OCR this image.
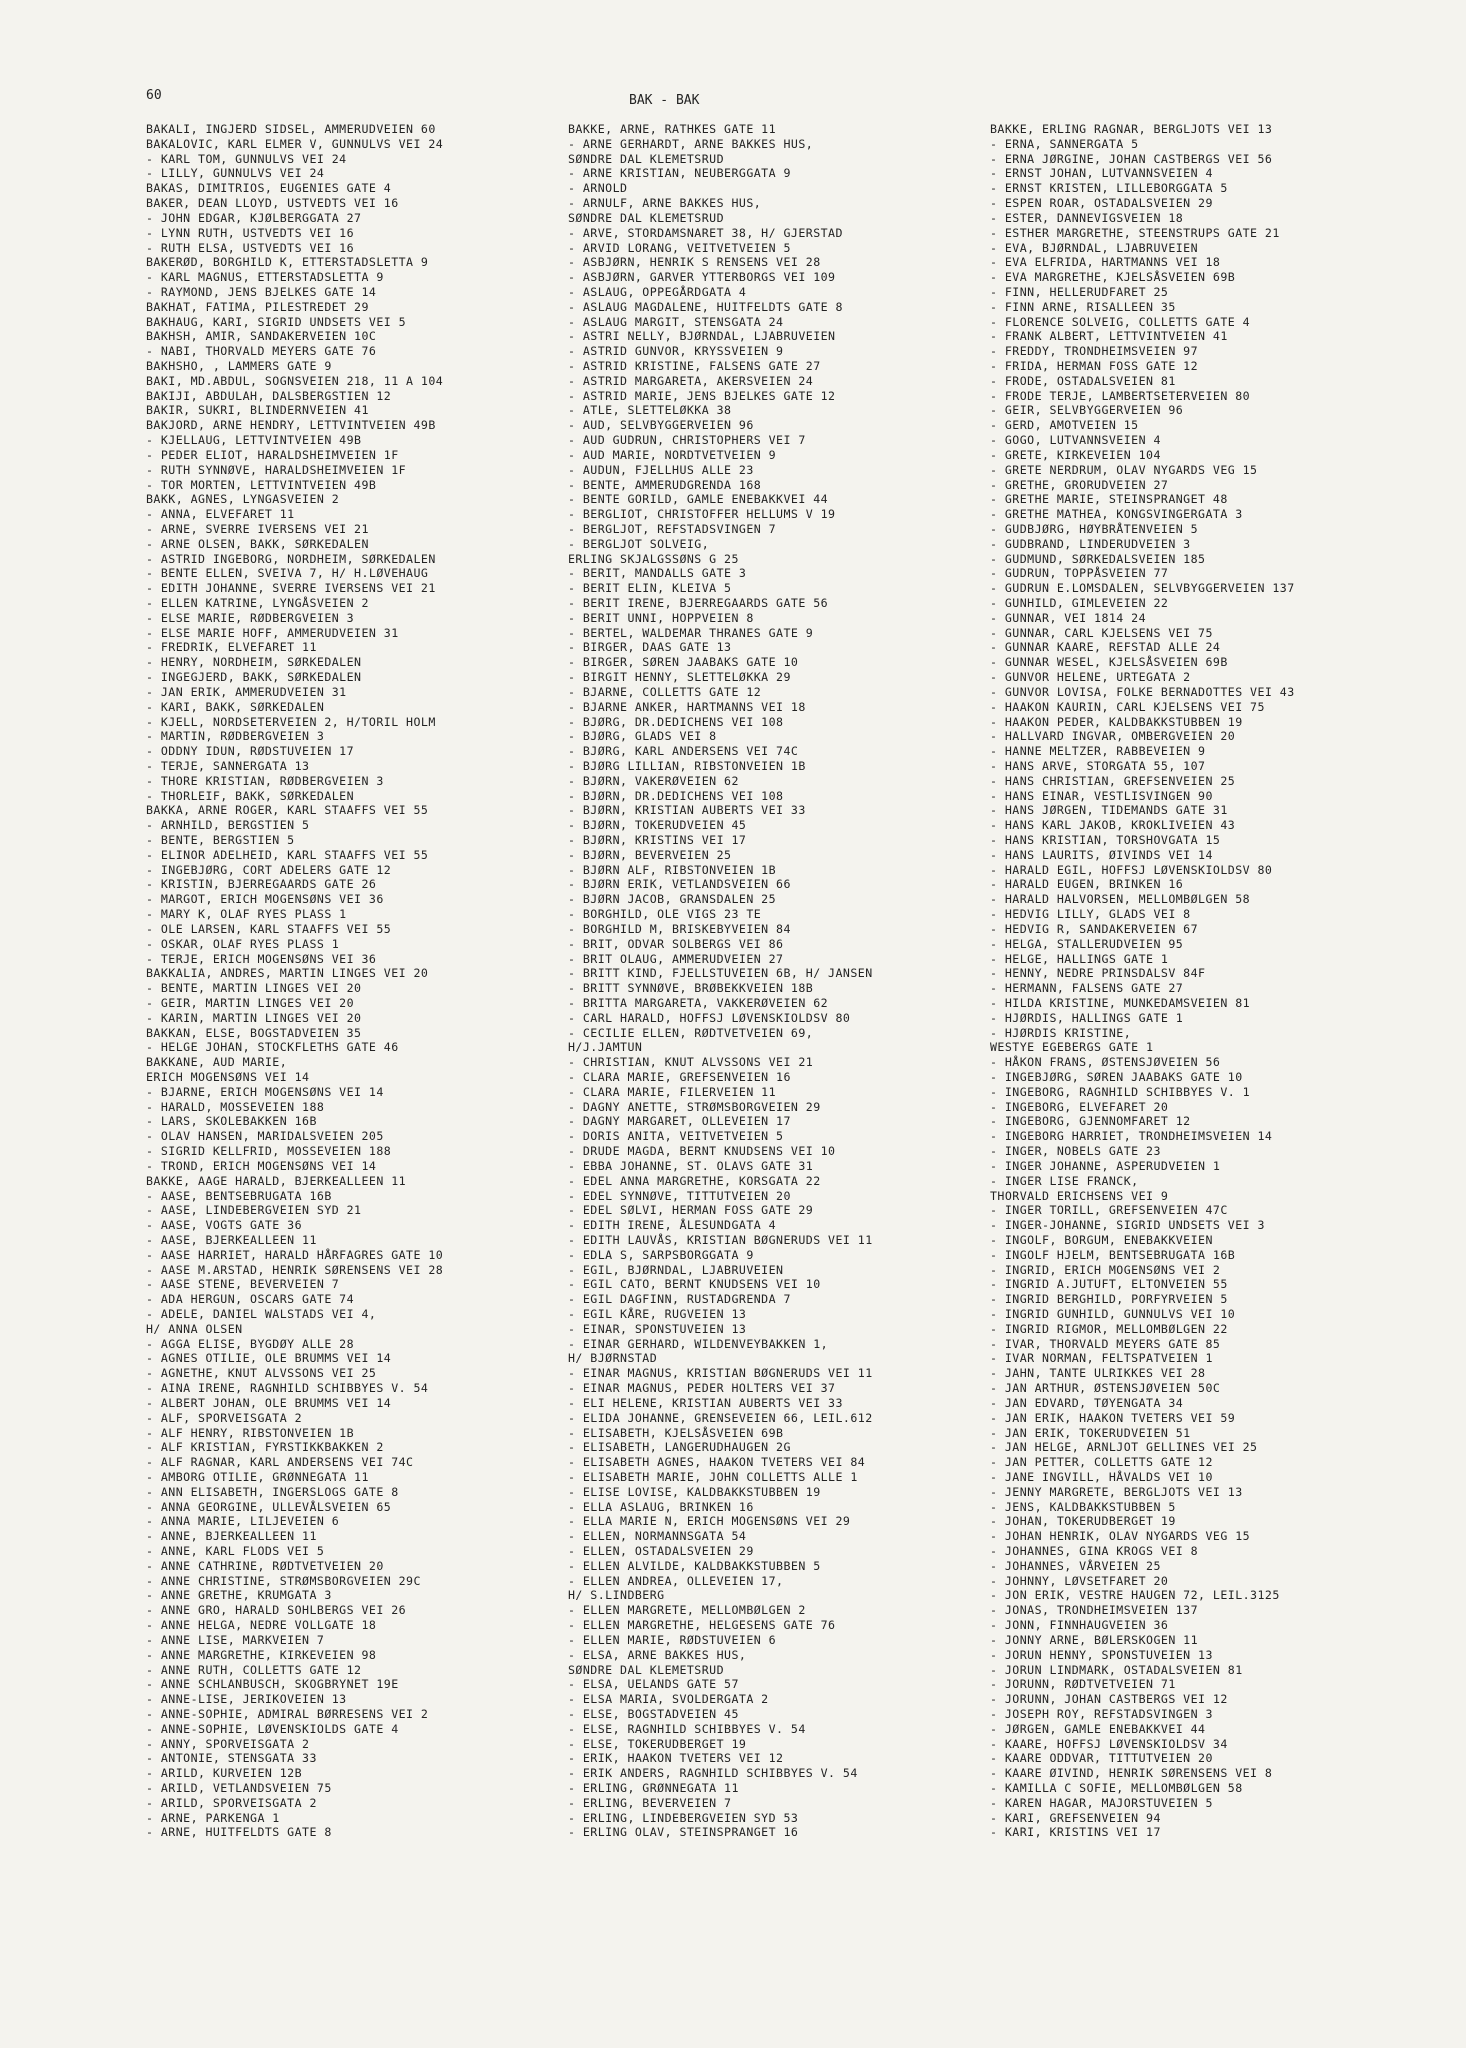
60	BAK - BAK
BAKALI, INGJERD SIDSEL, AMMERUDVEIEN 60
BAKALOVIC, KARL ELMER V, GUNNULVS VEI 24
- KARL TOM, GUNNULVS VEI 24
- LILLY, GUNNULVS VEI 24
BAKAS, DIMITRIOS, EUGENIES GATE 4
BAKER, DEAN LLOYD, USTVEDTS VEI 16
- JOHN EDGAR, KJØLBERGGATA 27
- LYNN RUTH, USTVEDTS VEI 16
- RUTH ELSA, USTVEDTS VEI 16
BAKERØD, BORGHILD K, ETTERSTADSLETTA 9
- KARL MAGNUS, ETTERSTADSLETTA 9
- RAYMOND, JENS BJELKES GATE 14
BAKHAT, FATIMA, PILESTREDET 29
BAKHAUG, KARI, SIGRID UNDSETS VEI 5
BAKHSH, AMIR, SANDAKERVEIEN 10C
- NABI, THORVALD MEYERS GATE 76
BAKHSHO, , LAMMERS GATE 9
BAKI, MD.ABDUL, SOGNSVEIEN 218, 11 A 104
BAKIJI, ABDULAH, DALSBERGSTIEN 12
BAKIR, SUKRI, BLINDERNVEIEN 41
BAKJORD, ARNE HENDRY, LETTVINTVEIEN 49B
- KJELLAUG, LETTVINTVEIEN 49B
- PEDER ELIOT, HARALDSHEIMVEIEN 1F
- RUTH SYNNØVE, HARALDSHEIMVEIEN 1F
- TOR MORTEN, LETTVINTVEIEN 49B
BAKK, AGNES, LYNGASVEIEN 2
- ANNA, ELVEFARET 11
- ARNE, SVERRE IVERSENS VEI 21
- ARNE OLSEN, BAKK, SØRKEDALEN
- ASTRID INGEBORG, NORDHEIM, SØRKEDALEN
- BENTE ELLEN, SVEIVA 7, H/ H.LØVEHAUG
- EDITH JOHANNE, SVERRE IVERSENS VEI 21
- ELLEN KATRINE, LYNGÅSVEIEN 2
- ELSE MARIE, RØDBERGVEIEN 3
- ELSE MARIE HOFF, AMMERUDVEIEN 31
- FREDRIK, ELVEFARET 11
- HENRY, NORDHEIM, SØRKEDALEN
- INGEGJERD, BAKK, SØRKEDALEN
- JAN ERIK, AMMERUDVEIEN 31
- KARI, BAKK, SØRKEDALEN
- KJELL, NORDSETERVEIEN 2, H/TORIL HOLM
- MARTIN, RØDBERGVEIEN 3
- ODDNY IDUN, RØDSTUVEIEN 17
- TERJE, SANNERGATA 13
- THORE KRISTIAN, RØDBERGVEIEN 3
- THORLEIF, BAKK, SØRKEDALEN
BAKKA, ARNE ROGER, KARL STAAFFS VEI 55
- ARNHILD, BERGSTIEN 5
- BENTE, BERGSTIEN 5
- ELINOR ADELHEID, KARL STAAFFS VEI 55
- INGEBJØRG, CORT ADELERS GATE 12
- KRISTIN, BJERREGAARDS GATE 26
- MARGOT, ERICH MOGENSØNS VEI 36
- MARY K, OLAF RYES PLASS 1
- OLE LARSEN, KARL STAAFFS VEI 55
- OSKAR, OLAF RYES PLASS 1
- TERJE, ERICH MOGENSØNS VEI 36
BAKKALIA, ANDRES, MARTIN LINGES VEI 20
- BENTE, MARTIN LINGES VEI 20
- GEIR, MARTIN LINGES VEI 20
- KARIN, MARTIN LINGES VEI 20
BAKKAN, ELSE, BOGSTADVEIEN 35
- HELGE JOHAN, STOCKFLETHS GATE 46
BAKKANE, AUD MARIE,
ERICH MOGENSØNS VEI 14
- BJARNE, ERICH MOGENSØNS VEI 14
- HARALD, MOSSEVEIEN 188
- LARS, SKOLEBAKKEN 16B
- OLAV HANSEN, MARIDALSVEIEN 205
- SIGRID KELLFRID, MOSSEVEIEN 188
- TROND, ERICH MOGENSØNS VEI 14
BAKKE, AAGE HARALD, BJERKEALLEEN 11
- AASE, BENTSEBRUGATA 16B
- AASE, LINDEBERGVEIEN SYD 21
- AASE, VOGTS GATE 36
- AASE, BJERKEALLEEN 11
- AASE HARRIET, HARALD HÅRFAGRES GATE 10
- AASE M.ARSTAD, HENRIK SØRENSENS VEI 28
- AASE STENE, BEVERVEIEN 7
- ADA HERGUN, OSCARS GATE 74
- ADELE, DANIEL WALSTADS VEI 4,
H/ ANNA OLSEN
- AGGA ELISE, BYGDØY ALLE 28
- AGNES OTILIE, OLE BRUMMS VEI 14
- AGNETHE, KNUT ALVSSONS VEI 25
- AINA IRENE, RAGNHILD SCHIBBYES V. 54
- ALBERT JOHAN, OLE BRUMMS VEI 14
- ALF, SPORVEISGATA 2
- ALF HENRY, RIBSTONVEIEN 1B
- ALF KRISTIAN, FYRSTIKKBAKKEN 2
- ALF RAGNAR, KARL ANDERSENS VEI 74C
- AMBORG OTILIE, GRØNNEGATA 11
- ANN ELISABETH, INGERSLOGS GATE 8
- ANNA GEORGINE, ULLEVÅLSVEIEN 65
- ANNA MARIE, LILJEVEIEN 6
- ANNE, BJERKEALLEEN 11
- ANNE, KARL FLODS VEI 5
- ANNE CATHRINE, RØDTVETVEIEN 20
- ANNE CHRISTINE, STRØMSBORGVEIEN 29C
- ANNE GRETHE, KRUMGATA 3
- ANNE GRO, HARALD SOHLBERGS VEI 26
- ANNE HELGA, NEDRE VOLLGATE 18
- ANNE LISE, MARKVEIEN 7
- ANNE MARGRETHE, KIRKEVEIEN 98
- ANNE RUTH, COLLETTS GATE 12
- ANNE SCHLANBUSCH, SKOGBRYNET 19E
- ANNE-LISE, JERIKOVEIEN 13
- ANNE-SOPHIE, ADMIRAL BØRRESENS VEI 2
- ANNE-SOPHIE, LØVENSKIOLDS GATE 4
- ANNY, SPORVEISGATA 2
- ANTONIE, STENSGATA 33
- ARILD, KURVEIEN 12B
- ARILD, VETLANDSVEIEN 75
- ARILD, SPORVEISGATA 2
- ARNE, PARKENGA 1
- ARNE, HUITFELDTS GATE 8
BAKKE, ARNE, RATHKES GATE 11
- ARNE GERHARDT, ARNE BAKKES HUS,
SØNDRE DAL KLEMETSRUD
- ARNE KRISTIAN, NEUBERGGATA 9
- ARNOLD
- ARNULF, ARNE BAKKES HUS,
SØNDRE DAL KLEMETSRUD
- ARVE, STORDAMSNARET 38, H/ GJERSTAD
- ARVID LORANG, VEITVETVEIEN 5
- ASBJØRN, HENRIK S RENSENS VEI 28
- ASBJØRN, GARVER YTTERBORGS VEI 109
- ASLAUG, OPPEGÅRDGATA 4
- ASLAUG MAGDALENE, HUITFELDTS GATE 8
- ASLAUG MARGIT, STENSGATA 24
- ASTRI NELLY, BJØRNDAL, LJABRUVEIEN
- ASTRID GUNVOR, KRYSSVEIEN 9
- ASTRID KRISTINE, FALSENS GATE 27
- ASTRID MARGARETA, AKERSVEIEN 24
- ASTRID MARIE, JENS BJELKES GATE 12
- ATLE, SLETTELØKKA 38
- AUD, SELVBYGGERVEIEN 96
- AUD GUDRUN, CHRISTOPHERS VEI 7
- AUD MARIE, NORDTVETVEIEN 9
- AUDUN, FJELLHUS ALLE 23
- BENTE, AMMERUDGRENDA 168
- BENTE GORILD, GAMLE ENEBAKKVEI 44
- BERGLIOT, CHRISTOFFER HELLUMS V 19
- BERGLJOT, REFSTADSVINGEN 7
- BERGLJOT SOLVEIG,
ERLING SKJALGSSØNS G 25
- BERIT, MANDALLS GATE 3
- BERIT ELIN, KLEIVA 5
- BERIT IRENE, BJERREGAARDS GATE 56
- BERIT UNNI, HOPPVEIEN 8
- BERTEL, WALDEMAR THRANES GATE 9
- BIRGER, DAAS GATE 13
- BIRGER, SØREN JAABAKS GATE 10
- BIRGIT HENNY, SLETTELØKKA 29
- BJARNE, COLLETTS GATE 12
- BJARNE ANKER, HARTMANNS VEI 18
- BJØRG, DR.DEDICHENS VEI 108
- BJØRG, GLADS VEI 8
- BJØRG, KARL ANDERSENS VEI 74C
- BJØRG LILLIAN, RIBSTONVEIEN 1B
- BJØRN, VAKERØVEIEN 62
- BJØRN, DR.DEDICHENS VEI 108
- BJØRN, KRISTIAN AUBERTS VEI 33
- BJØRN, TOKERUDVEIEN 45
- BJØRN, KRISTINS VEI 17
- BJØRN, BEVERVEIEN 25
- BJØRN ALF, RIBSTONVEIEN 1B
- BJØRN ERIK, VETLANDSVEIEN 66
- BJØRN JACOB, GRANSDALEN 25
- BORGHILD, OLE VIGS 23 TE
- BORGHILD M, BRISKEBYVEIEN 84
- BRIT, ODVAR SOLBERGS VEI 86
- BRIT OLAUG, AMMERUDVEIEN 27
- BRITT KIND, FJELLSTUVEIEN 6B, H/ JANSEN
- BRITT SYNNØVE, BRØBEKKVEIEN 18B
- BRITTA MARGARETA, VAKKERØVEIEN 62
- CARL HARALD, HOFFSJ LØVENSKIOLDSV 80
- CECILIE ELLEN, RØDTVETVEIEN 69,
H/J.JAMTUN
- CHRISTIAN, KNUT ALVSSONS VEI 21
- CLARA MARIE, GREFSENVEIEN 16
- CLARA MARIE, FILERVEIEN 11
- DAGNY ANETTE, STRØMSBORGVEIEN 29
- DAGNY MARGARET, OLLEVEIEN 17
- DORIS ANITA, VEITVETVEIEN 5
- DRUDE MAGDA, BERNT KNUDSENS VEI 10
- EBBA JOHANNE, ST. OLAVS GATE 31
- EDEL ANNA MARGRETHE, KORSGATA 22
- EDEL SYNNØVE, TITTUTVEIEN 20
- EDEL SØLVI, HERMAN FOSS GATE 29
- EDITH IRENE, ÅLESUNDGATA 4
- EDITH LAUVÅS, KRISTIAN BØGNERUDS VEI 11
- EDLA S, SARPSBORGGATA 9
- EGIL, BJØRNDAL, LJABRUVEIEN
- EGIL CATO, BERNT KNUDSENS VEI 10
- EGIL DAGFINN, RUSTADGRENDA 7
- EGIL KÅRE, RUGVEIEN 13
- EINAR, SPONSTUVEIEN 13
- EINAR GERHARD, WILDENVEYBAKKEN 1,
H/ BJØRNSTAD
- EINAR MAGNUS, KRISTIAN BØGNERUDS VEI 11
- EINAR MAGNUS, PEDER HOLTERS VEI 37
- ELI HELENE, KRISTIAN AUBERTS VEI 33
- ELIDA JOHANNE, GRENSEVEIEN 66, LEIL.612
- ELISABETH, KJELSÅSVEIEN 69B
- ELISABETH, LANGERUDHAUGEN 2G
- ELISABETH AGNES, HAAKON TVETERS VEI 84
- ELISABETH MARIE, JOHN COLLETTS ALLE 1
- ELISE LOVISE, KALDBAKKSTUBBEN 19
- ELLA ASLAUG, BRINKEN 16
- ELLA MARIE N, ERICH MOGENSØNS VEI 29
- ELLEN, NORMANNSGATA 54
- ELLEN, OSTADALSVEIEN 29
- ELLEN ALVILDE, KALDBAKKSTUBBEN 5
- ELLEN ANDREA, OLLEVEIEN 17,
H/ S.LINDBERG
- ELLEN MARGRETE, MELLOMBØLGEN 2
- ELLEN MARGRETHE, HELGESENS GATE 76
- ELLEN MARIE, RØDSTUVEIEN 6
- ELSA, ARNE BAKKES HUS,
SØNDRE DAL KLEMETSRUD
- ELSA, UELANDS GATE 57
- ELSA MARIA, SVOLDERGATA 2
- ELSE, BOGSTADVEIEN 45
- ELSE, RAGNHILD SCHIBBYES V. 54
- ELSE, TOKERUDBERGET 19
- ERIK, HAAKON TVETERS VEI 12
- ERIK ANDERS, RAGNHILD SCHIBBYES V. 54
- ERLING, GRØNNEGATA 11
- ERLING, BEVERVEIEN 7
- ERLING, LINDEBERGVEIEN SYD 53
- ERLING OLAV, STEINSPRANGET 16
BAKKE, ERLING RAGNAR, BERGLJOTS VEI 13
- ERNA, SANNERGATA 5
- ERNA JØRGINE, JOHAN CASTBERGS VEI 56
- ERNST JOHAN, LUTVANNSVEIEN 4
- ERNST KRISTEN, LILLEBORGGATA 5
- ESPEN ROAR, OSTADALSVEIEN 29
- ESTER, DANNEVIGSVEIEN 18
- ESTHER MARGRETHE, STEENSTRUPS GATE 21
- EVA, BJØRNDAL, LJABRUVEIEN
- EVA ELFRIDA, HARTMANNS VEI 18
- EVA MARGRETHE, KJELSÅSVEIEN 69B
- FINN, HELLERUDFARET 25
- FINN ARNE, RISALLEEN 35
- FLORENCE SOLVEIG, COLLETTS GATE 4
- FRANK ALBERT, LETTVINTVEIEN 41
- FREDDY, TRONDHEIMSVEIEN 97
- FRIDA, HERMAN FOSS GATE 12
- FRODE, OSTADALSVEIEN 81
- FRODE TERJE, LAMBERTSETERVEIEN 80
- GEIR, SELVBYGGERVEIEN 96
- GERD, AMOTVEIEN 15
- GOGO, LUTVANNSVEIEN 4
- GRETE, KIRKEVEIEN 104
- GRETE NERDRUM, OLAV NYGARDS VEG 15
- GRETHE, GRORUDVEIEN 27
- GRETHE MARIE, STEINSPRANGET 48
- GRETHE MATHEA, KONGSVINGERGATA 3
- GUDBJØRG, HØYBRÅTENVEIEN 5
- GUDBRAND, LINDERUDVEIEN 3
- GUDMUND, SØRKEDALSVEIEN 185
- GUDRUN, TOPPÅSVEIEN 77
- GUDRUN E.LOMSDALEN, SELVBYGGERVEIEN 137
- GUNHILD, GIMLEVEIEN 22
- GUNNAR, VEI 1814 24
- GUNNAR, CARL KJELSENS VEI 75
- GUNNAR KAARE, REFSTAD ALLE 24
- GUNNAR WESEL, KJELSÅSVEIEN 69B
- GUNVOR HELENE, URTEGATA 2
- GUNVOR LOVISA, FOLKE BERNADOTTES VEI 43
- HAAKON KAURIN, CARL KJELSENS VEI 75
- HAAKON PEDER, KALDBAKKSTUBBEN 19
- HALLVARD INGVAR, OMBERGVEIEN 20
- HANNE MELTZER, RABBEVEIEN 9
- HANS ARVE, STORGATA 55, 107
- HANS CHRISTIAN, GREFSENVEIEN 25
- HANS EINAR, VESTLISVINGEN 90
- HANS JØRGEN, TIDEMANDS GATE 31
- HANS KARL JAKOB, KROKLIVEIEN 43
- HANS KRISTIAN, TORSHOVGATA 15
- HANS LAURITS, ØIVINDS VEI 14
- HARALD EGIL, HOFFSJ LØVENSKIOLDSV 80
- HARALD EUGEN, BRINKEN 16
- HARALD HALVORSEN, MELLOMBØLGEN 58
- HEDVIG LILLY, GLADS VEI 8
- HEDVIG R, SANDAKERVEIEN 67
- HELGA, STALLERUDVEIEN 95
- HELGE, HALLINGS GATE 1
- HENNY, NEDRE PRINSDALSV 84F
- HERMANN, FALSENS GATE 27
- HILDA KRISTINE, MUNKEDAMSVEIEN 81
- HJØRDIS, HALLINGS GATE 1
- HJØRDIS KRISTINE,
WESTYE EGEBERGS GATE 1
- HÅKON FRANS, ØSTENSJØVEIEN 56
- INGEBJØRG, SØREN JAABAKS GATE 10
- INGEBORG, RAGNHILD SCHIBBYES V. 1
- INGEBORG, ELVEFARET 20
- INGEBORG, GJENNOMFARET 12
- INGEBORG HARRIET, TRONDHEIMSVEIEN 14
- INGER, NOBELS GATE 23
- INGER JOHANNE, ASPERUDVEIEN 1
- INGER LISE FRANCK,
THORVALD ERICHSENS VEI 9
- INGER TORILL, GREFSENVEIEN 47C
- INGER-JOHANNE, SIGRID UNDSETS VEI 3
- INGOLF, BORGUM, ENEBAKKVEIEN
- INGOLF HJELM, BENTSEBRUGATA 16B
- INGRID, ERICH MOGENSØNS VEI 2
- INGRID A.JUTUFT, ELTONVEIEN 55
- INGRID BERGHILD, PORFYRVEIEN 5
- INGRID GUNHILD, GUNNULVS VEI 10
- INGRID RIGMOR, MELLOMBØLGEN 22
- IVAR, THORVALD MEYERS GATE 85
- IVAR NORMAN, FELTSPATVEIEN 1
- JAHN, TANTE ULRIKKES VEI 28
- JAN ARTHUR, ØSTENSJØVEIEN 50C
- JAN EDVARD, TØYENGATA 34
- JAN ERIK, HAAKON TVETERS VEI 59
- JAN ERIK, TOKERUDVEIEN 51
- JAN HELGE, ARNLJOT GELLINES VEI 25
- JAN PETTER, COLLETTS GATE 12
- JANE INGVILL, HÅVALDS VEI 10
- JENNY MARGRETE, BERGLJOTS VEI 13
- JENS, KALDBAKKSTUBBEN 5
- JOHAN, TOKERUDBERGET 19
- JOHAN HENRIK, OLAV NYGARDS VEG 15
- JOHANNES, GINA KROGS VEI 8
- JOHANNES, VÅRVEIEN 25
- JOHNNY, LØVSETFARET 20
- JON ERIK, VESTRE HAUGEN 72, LEIL.3125
- JONAS, TRONDHEIMSVEIEN 137
- JONN, FINNHAUGVEIEN 36
- JONNY ARNE, BØLERSKOGEN 11
- JORUN HENNY, SPONSTUVEIEN 13
- JORUN LINDMARK, OSTADALSVEIEN 81
- JORUNN, RØDTVETVEIEN 71
- JORUNN, JOHAN CASTBERGS VEI 12
- JOSEPH ROY, REFSTADSVINGEN 3
- JØRGEN, GAMLE ENEBAKKVEI 44
- KAARE, HOFFSJ LØVENSKIOLDSV 34
- KAARE ODDVAR, TITTUTVEIEN 20
- KAARE ØIVIND, HENRIK SØRENSENS VEI 8
- KAMILLA C SOFIE, MELLOMBØLGEN 58
- KAREN HAGAR, MAJORSTUVEIEN 5
- KARI, GREFSENVEIEN 94
- KARI, KRISTINS VEI 17
